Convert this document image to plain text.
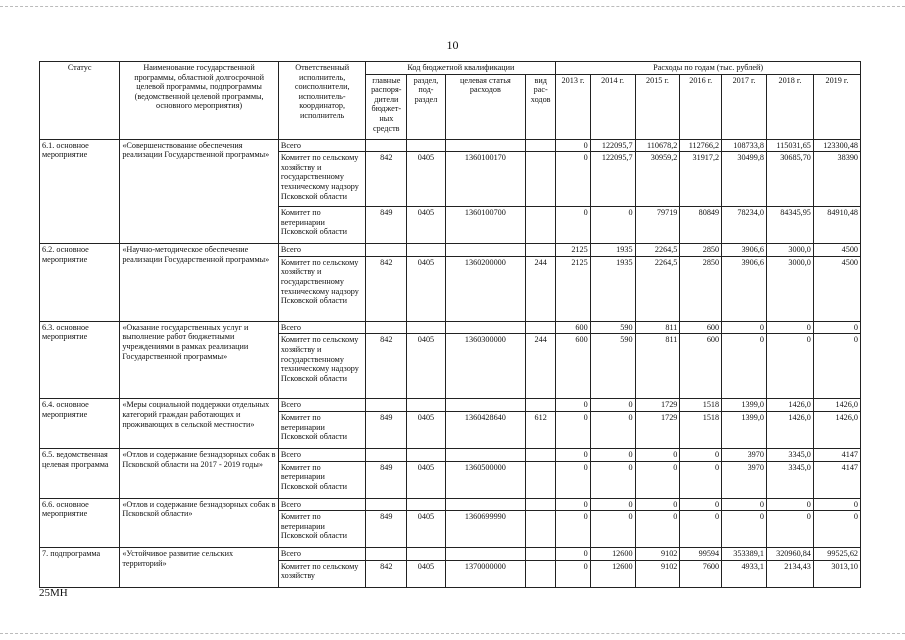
10
Статус	Наименование государственной программы, областной долгосрочной целевой программы, подпрограммы (ведомственной целевой программы, основного мероприятия)	Ответственный исполнитель, соисполнители, исполнитель-координатор, исполнитель	Код бюджетной квалификации				Расходы по годам (тыс. рублей)						
			главные распоря-дители бюджет-ных средств	раздел, под-раздел	целевая статья расходов	вид рас-ходов	2013 г.	2014 г.	2015 г.	2016 г.	2017 г.	2018 г.	2019 г.
6.1. основное мероприятие	«Совершенствование обеспечения реализации Государственной программы»	Всего					0	122095,7	110678,2	112766,2	108733,8	115031,65	123300,48
		Комитет по сельскому хозяйству и государственному техническому надзору Псковской области	842	0405	1360100170		0	122095,7	30959,2	31917,2	30499,8	30685,70	38390
		Комитет по ветеринарии Псковской области	849	0405	1360100700		0	0	79719	80849	78234,0	84345,95	84910,48
6.2. основное мероприятие	«Научно-методическое обеспечение реализации Государственной программы»	Всего					2125	1935	2264,5	2850	3906,6	3000,0	4500
		Комитет по сельскому хозяйству и государственному техническому надзору Псковской области	842	0405	1360200000	244	2125	1935	2264,5	2850	3906,6	3000,0	4500
6.3. основное мероприятие	«Оказание государственных услуг и выполнение работ бюджетными учреждениями в рамках реализации Государственной программы»	Всего					600	590	811	600	0	0	0
		Комитет по сельскому хозяйству и государственному техническому надзору Псковской области	842	0405	1360300000	244	600	590	811	600	0	0	0
6.4. основное мероприятие	«Меры социальной поддержки отдельных категорий граждан работающих и проживающих в сельской местности»	Всего					0	0	1729	1518	1399,0	1426,0	1426,0
		Комитет по ветеринарии Псковской области	849	0405	1360428640	612	0	0	1729	1518	1399,0	1426,0	1426,0
6.5. ведомственная целевая программа	«Отлов и содержание безнадзорных собак в Псковской области на 2017 - 2019 годы»	Всего					0	0	0	0	3970	3345,0	4147
		Комитет по ветеринарии Псковской области	849	0405	1360500000		0	0	0	0	3970	3345,0	4147
6.6. основное мероприятие	«Отлов и содержание безнадзорных собак в Псковской области»	Всего					0	0	0	0	0	0	0
		Комитет по ветеринарии Псковской области	849	0405	1360699990		0	0	0	0	0	0	0
7. подпрограмма	«Устойчивое развитие сельских территорий»	Всего					0	12600	9102	99594	353389,1	320960,84	99525,62
		Комитет по сельскому хозяйству	842	0405	1370000000		0	12600	9102	7600	4933,1	2134,43	3013,10
25МН
